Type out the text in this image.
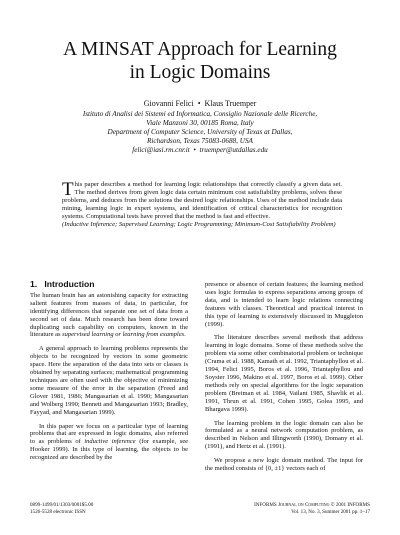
A MINSAT Approach for Learning
in Logic Domains
Giovanni Felici  •  Klaus Truemper
Istituto di Analisi dei Sistemi ed Informatica, Consiglio Nazionale delle Ricerche,
Viale Manzoni 30, 00185 Roma, Italy
Department of Computer Science, University of Texas at Dallas,
Richardson, Texas 75083-0688, USA
felici@iasi.rm.cnr.it  •  truemper@utdallas.edu
This paper describes a method for learning logic relationships that correctly classify a given data set. The method derives from given logic data certain minimum cost satisfiability problems, solves these problems, and deduces from the solutions the desired logic relationships. Uses of the method include data mining, learning logic in expert systems, and identification of critical characteristics for recognition systems. Computational tests have proved that the method is fast and effective.
(Inductive Inference; Supervised Learning; Logic Programming; Minimum-Cost Satisfiability Problem)
1. Introduction

The human brain has an astonishing capacity for extracting salient features from masses of data, in particular, for identifying differences that separate one set of data from a second set of data. Much research has been done toward duplicating such capability on computers, known in the literature as supervised learning or learning from examples.

A general approach to learning problems represents the objects to be recognized by vectors in some geometric space. Here the separation of the data into sets or classes is obtained by separating surfaces; mathematical programming techniques are often used with the objective of minimizing some measure of the error in the separation (Freed and Glover 1981, 1986; Mangasarian et al. 1990; Mangasarian and Wolberg 1990; Bennett and Mangasarian 1993; Bradley, Fayyad, and Mangasarian 1999).

In this paper we focus on a particular type of learning problems that are expressed in logic domains, also referred to as problems of inductive inference (for example, see Hooker 1999). In this type of learning, the objects to be recognized are described by the

presence or absence of certain features; the learning method uses logic formulas to express separations among groups of data, and is intended to learn logic relations connecting features with classes. Theoretical and practical interest in this type of learning is extensively discussed in Muggleton (1999).

The literature describes several methods that address learning in logic domains. Some of these methods solve the problem via some other combinatorial problem or technique (Crama et al. 1988, Kamath et al. 1992, Triantaphyllou et al. 1994, Felici 1995, Boros et al. 1996, Triantaphyllou and Soyster 1996, Makino et al. 1997, Boros et al. 1999). Other methods rely on special algorithms for the logic separation problem (Breiman et al. 1984, Vailant 1985, Shavlik et al. 1991, Thrun et al. 1991, Cohen 1995, Golea 1995, and Bhargava 1999).

The learning problem in the logic domain can also be formulated as a neural network computation problem, as described in Nelson and Illingworth (1990), Domany et al. (1991), and Hertz et al. (1991).

We propose a new logic domain method. The input for the method consists of {0, ±1} vectors each of

0899-1499/01/1303/0001$5.00
1526-5528 electronic ISSN
INFORMS Journal on Computing © 2001 INFORMS
Vol. 13, No. 3, Summer 2001 pp. 1–17
